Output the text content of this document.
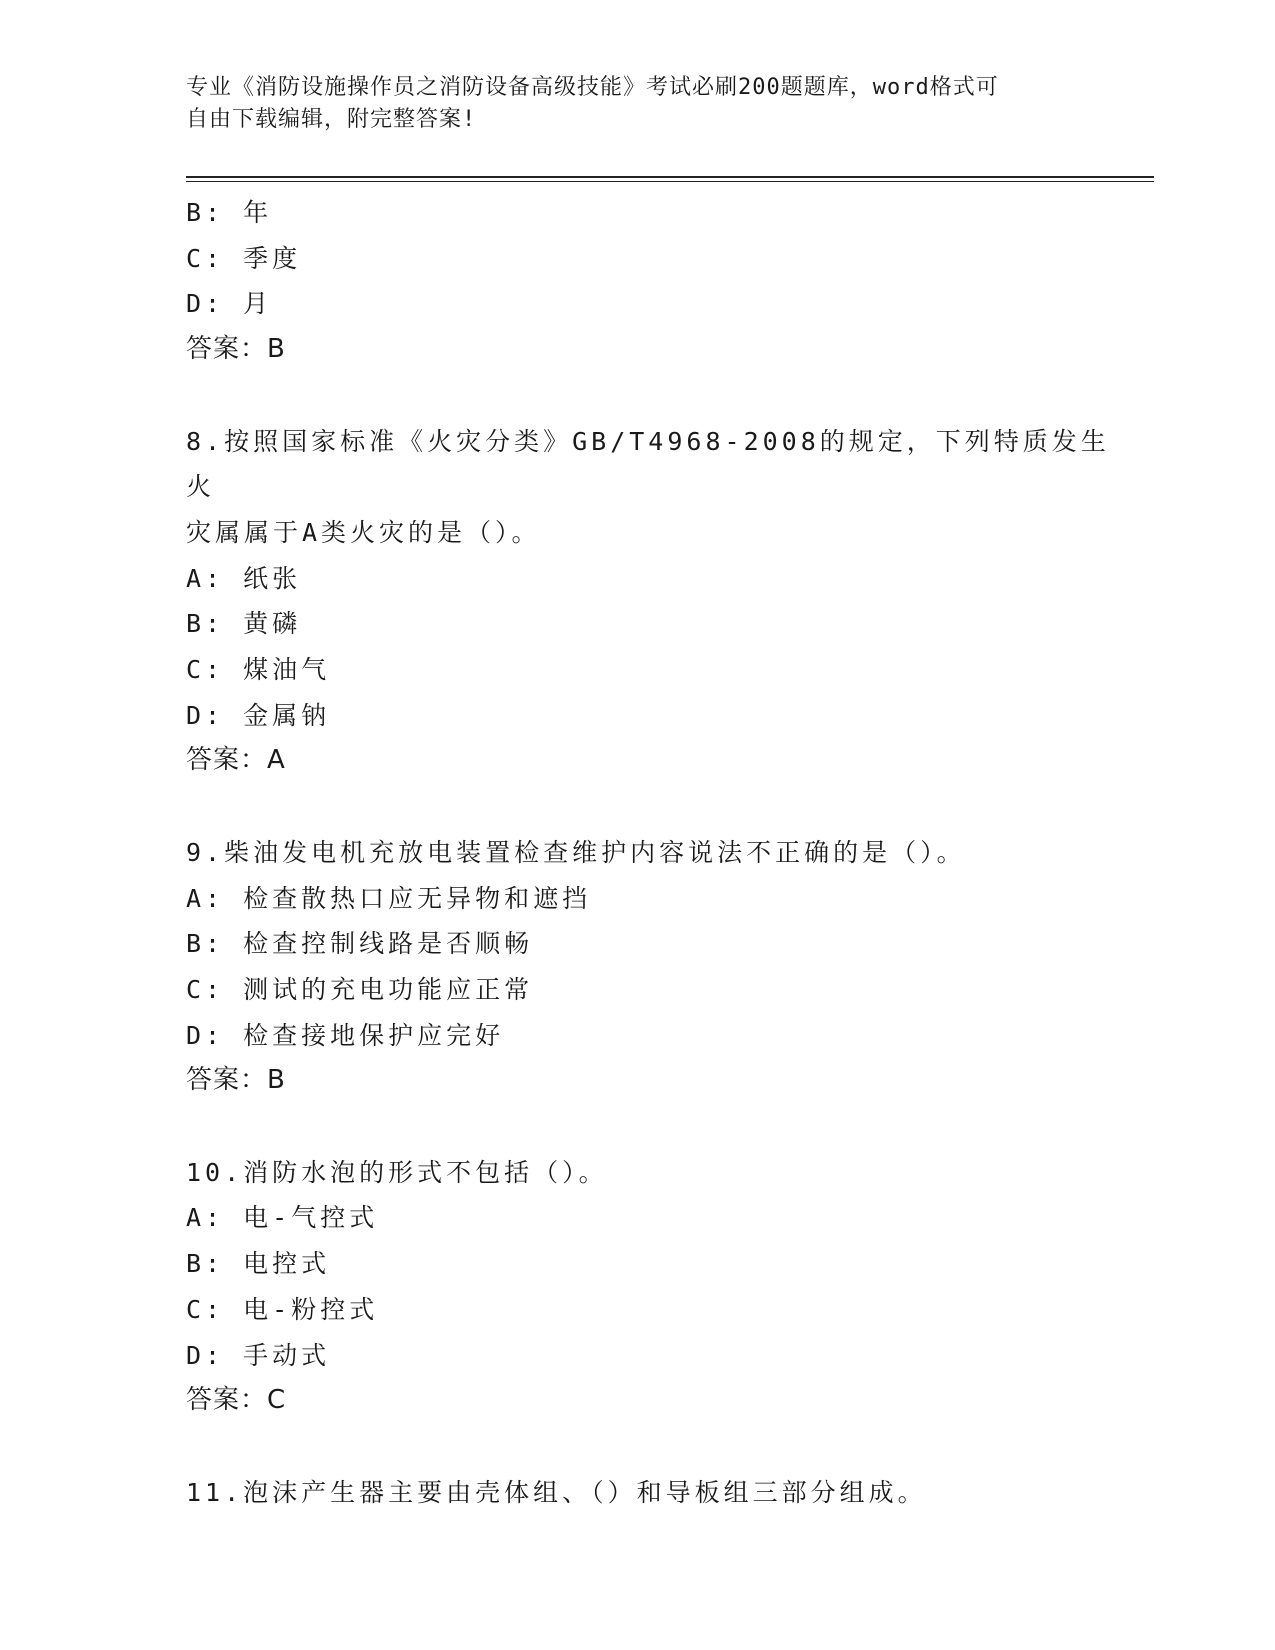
专业《消防设施操作员之消防设备高级技能》考试必刷200题题库，word格式可
自由下载编辑，附完整答案!

B: 年

C: 季度

D: 月

答案：B

8.按照国家标准《火灾分类》GB/T4968-2008的规定，下列特质发生火

灾属属于A类火灾的是（）。

A: 纸张

B: 黄磷

C: 煤油气

D: 金属钠

答案：A

9.柴油发电机充放电装置检查维护内容说法不正确的是（）。

A: 检查散热口应无异物和遮挡

B: 检查控制线路是否顺畅

C: 测试的充电功能应正常

D: 检查接地保护应完好

答案：B

10.消防水泡的形式不包括（）。

A: 电-气控式

B: 电控式

C: 电-粉控式

D: 手动式

答案：C

11.泡沫产生器主要由壳体组、（）和导板组三部分组成。
